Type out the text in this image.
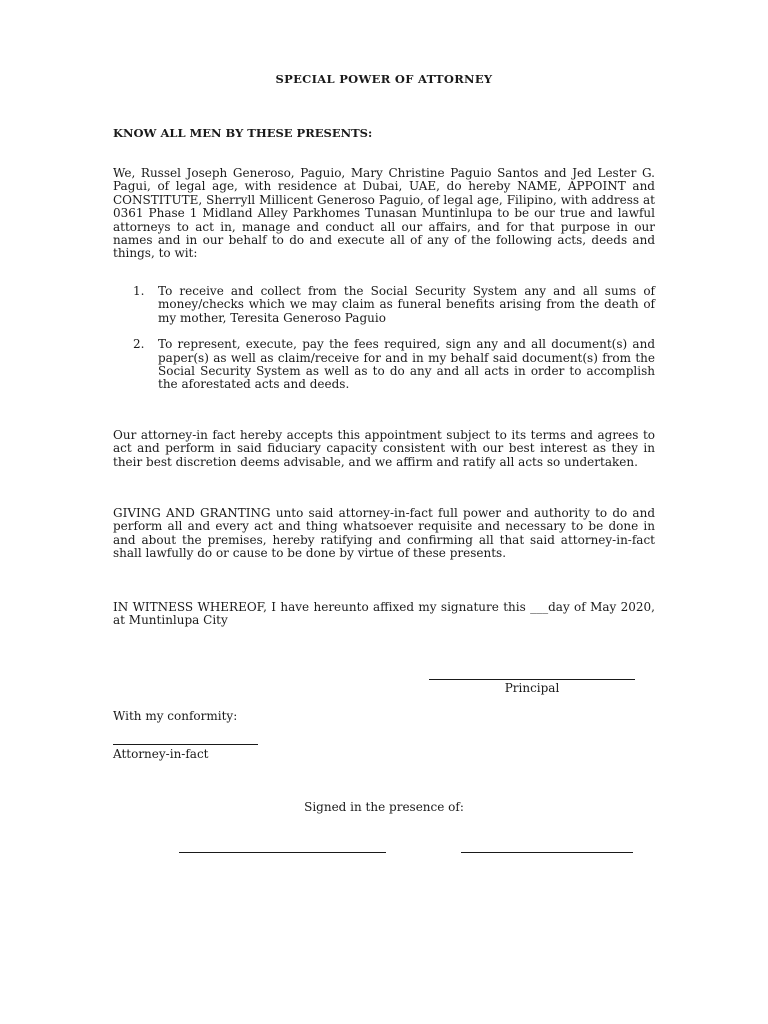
SPECIAL POWER OF ATTORNEY
KNOW ALL MEN BY THESE PRESENTS:
We, Russel Joseph Generoso, Paguio, Mary Christine Paguio Santos and Jed Lester G. Pagui, of legal age, with residence at Dubai, UAE, do hereby NAME, APPOINT and CONSTITUTE, Sherryll Millicent Generoso Paguio, of legal age, Filipino, with address at 0361 Phase 1 Midland Alley Parkhomes Tunasan Muntinlupa to be our true and lawful attorneys to act in, manage and conduct all our affairs, and for that purpose in our names and in our behalf to do and execute all of any of the following acts, deeds and things, to wit:
1. To receive and collect from the Social Security System any and all sums of money/checks which we may claim as funeral benefits arising from the death of my mother, Teresita Generoso Paguio
2. To represent, execute, pay the fees required, sign any and all document(s) and paper(s) as well as claim/receive for and in my behalf said document(s) from the Social Security System as well as to do any and all acts in order to accomplish the aforestated acts and deeds.
Our attorney-in fact hereby accepts this appointment subject to its terms and agrees to act and perform in said fiduciary capacity consistent with our best interest as they in their best discretion deems advisable, and we affirm and ratify all acts so undertaken.
GIVING AND GRANTING unto said attorney-in-fact full power and authority to do and perform all and every act and thing whatsoever requisite and necessary to be done in and about the premises, hereby ratifying and confirming all that said attorney-in-fact shall lawfully do or cause to be done by virtue of these presents.
IN WITNESS WHEREOF, I have hereunto affixed my signature this ___day of May 2020, at Muntinlupa City
Principal
With my conformity:
Attorney-in-fact
Signed in the presence of:
